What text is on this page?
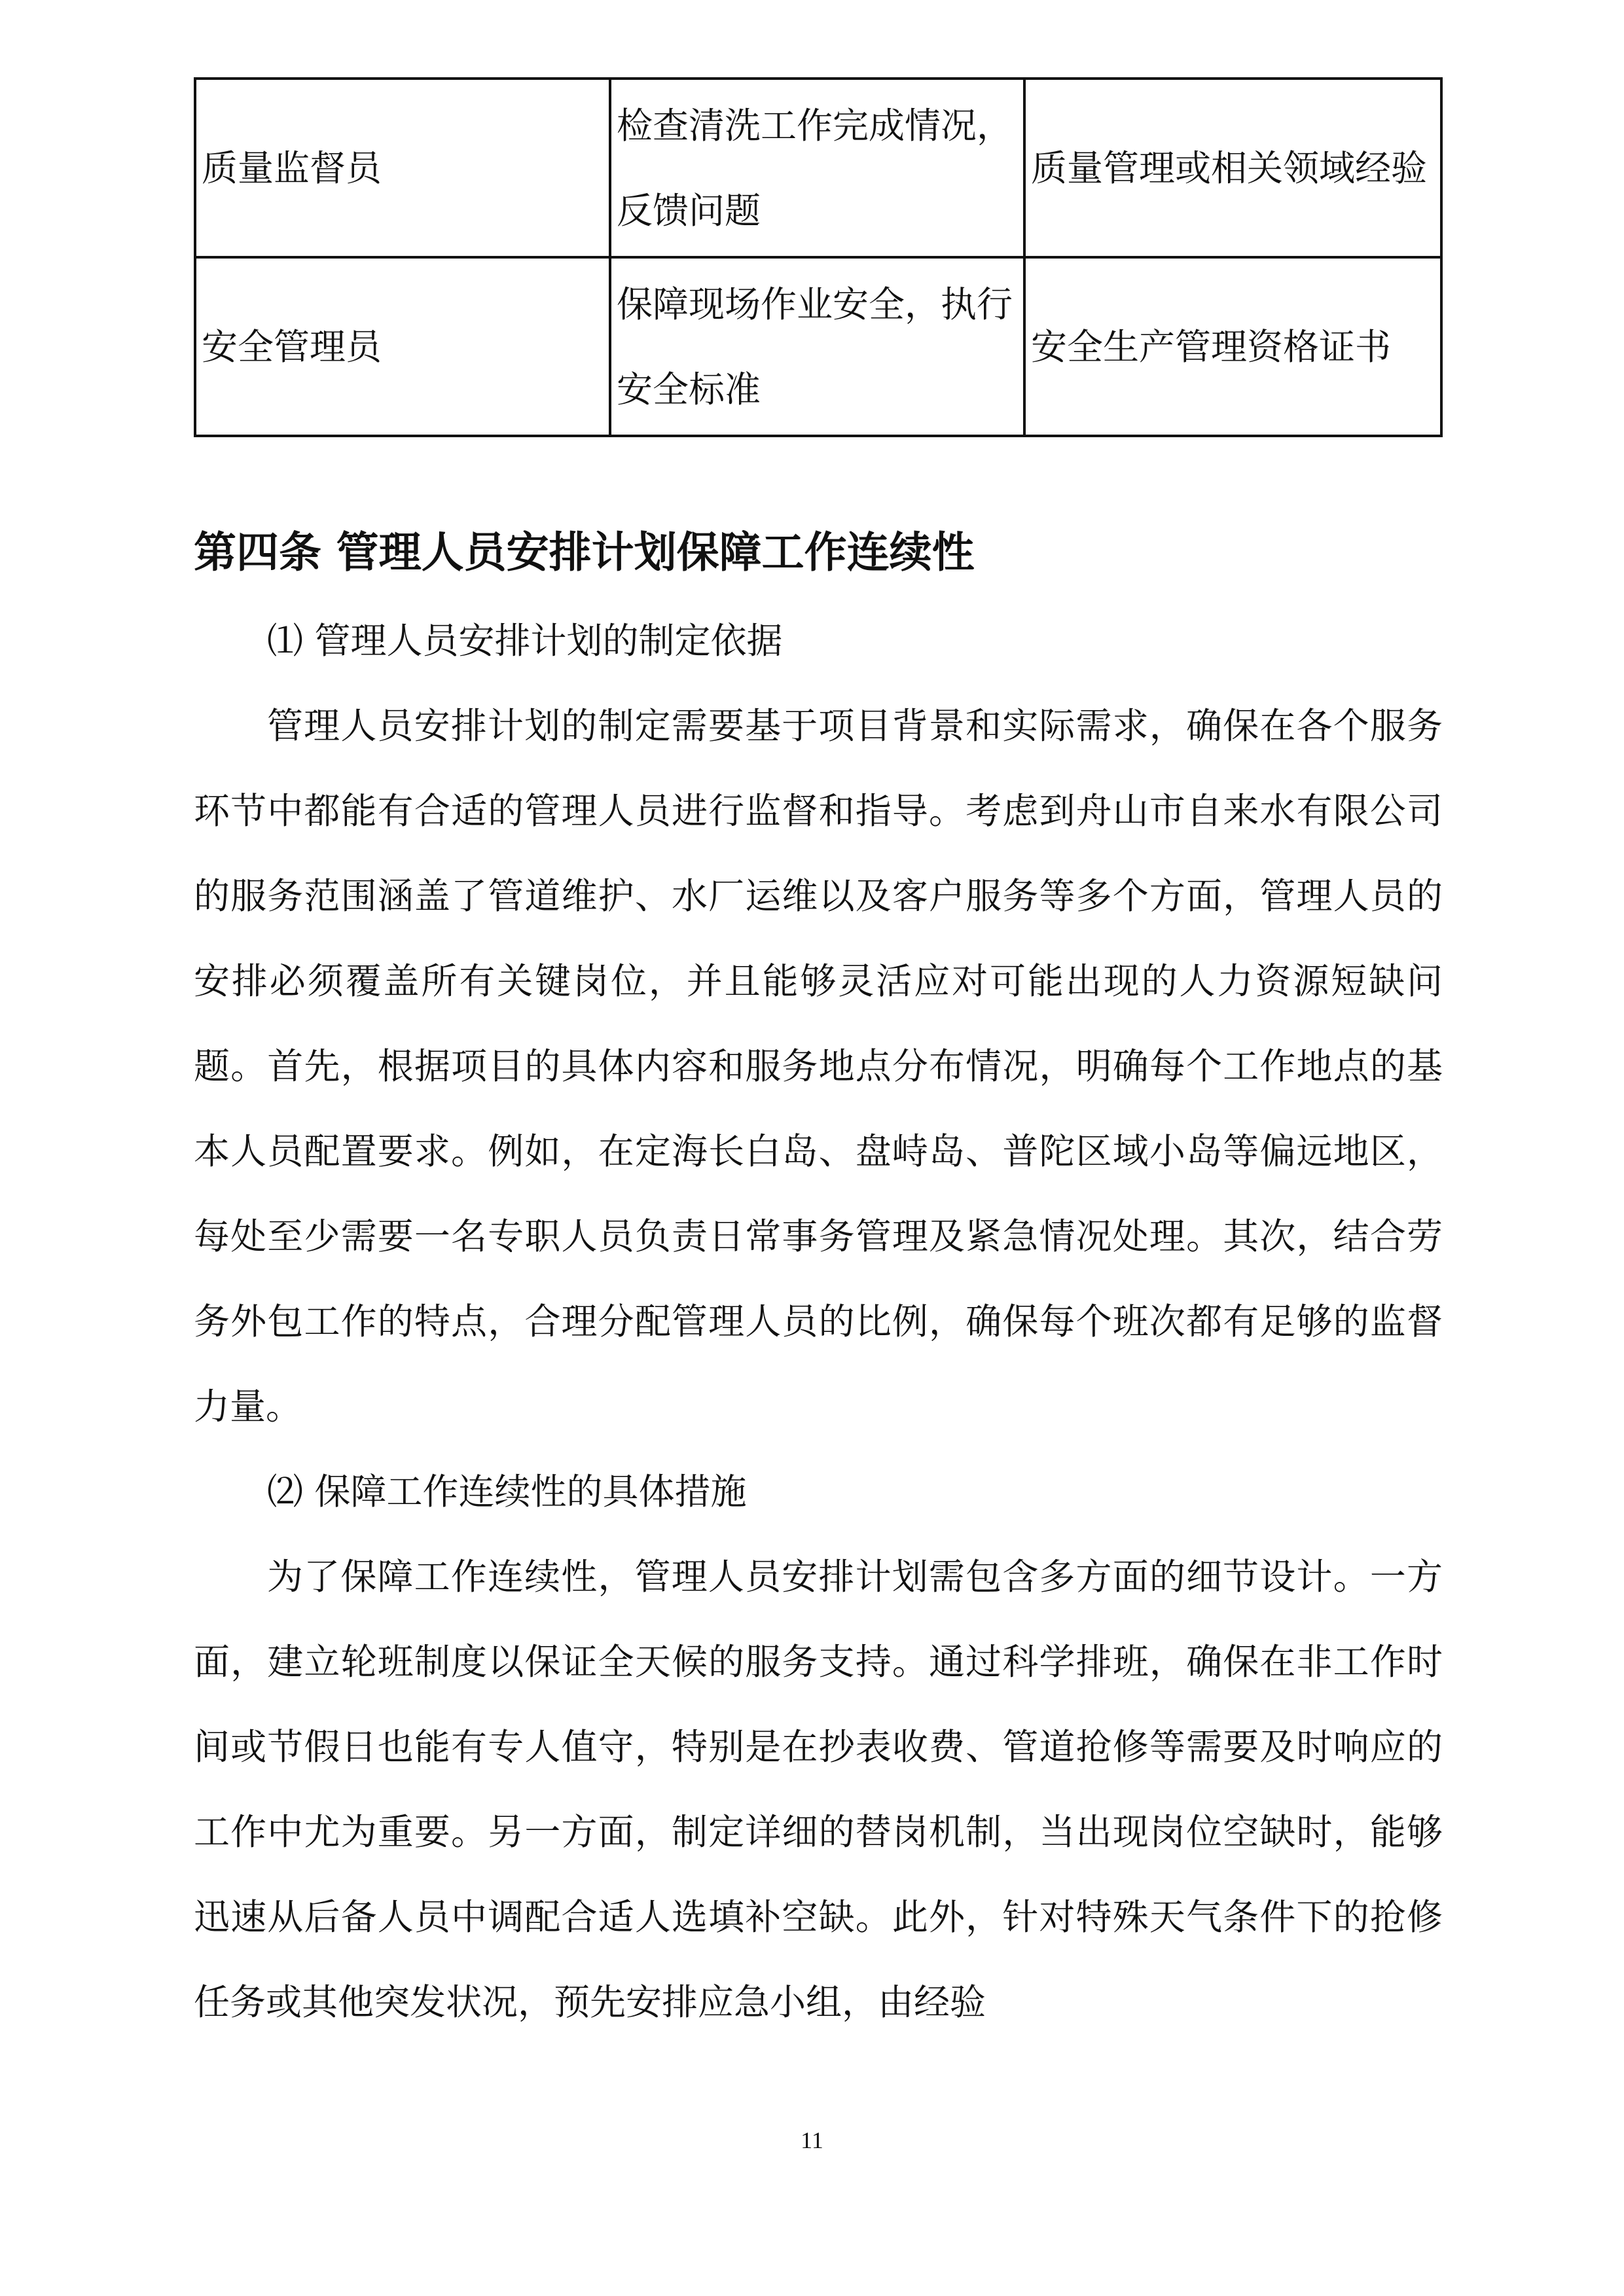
质量监督员	检查清洗工作完成情况，反馈问题	质量管理或相关领域经验
安全管理员	保障现场作业安全，执行安全标准	安全生产管理资格证书
第四条 管理人员安排计划保障工作连续性
⑴ 管理人员安排计划的制定依据

管理人员安排计划的制定需要基于项目背景和实际需求，确保在各个服务环节中都能有合适的管理人员进行监督和指导。考虑到舟山市自来水有限公司的服务范围涵盖了管道维护、水厂运维以及客户服务等多个方面，管理人员的安排必须覆盖所有关键岗位，并且能够灵活应对可能出现的人力资源短缺问题。首先，根据项目的具体内容和服务地点分布情况，明确每个工作地点的基本人员配置要求。例如，在定海长白岛、盘峙岛、普陀区域小岛等偏远地区，每处至少需要一名专职人员负责日常事务管理及紧急情况处理。其次，结合劳务外包工作的特点，合理分配管理人员的比例，确保每个班次都有足够的监督力量。

⑵ 保障工作连续性的具体措施

为了保障工作连续性，管理人员安排计划需包含多方面的细节设计。一方面，建立轮班制度以保证全天候的服务支持。通过科学排班，确保在非工作时间或节假日也能有专人值守，特别是在抄表收费、管道抢修等需要及时响应的工作中尤为重要。另一方面，制定详细的替岗机制，当出现岗位空缺时，能够迅速从后备人员中调配合适人选填补空缺。此外，针对特殊天气条件下的抢修任务或其他突发状况，预先安排应急小组，由经验

11
